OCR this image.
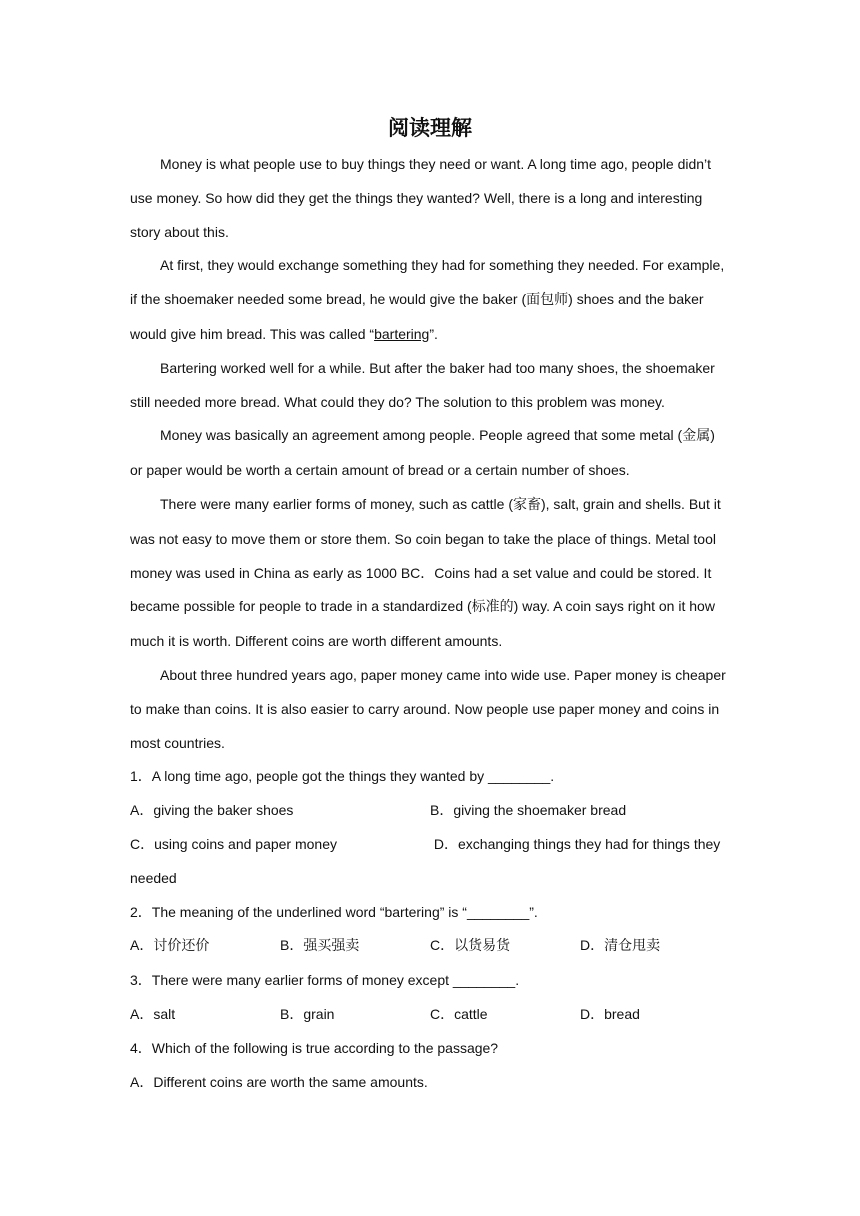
阅读理解

Money is what people use to buy things they need or want. A long time ago, people didn’t use money. So how did they get the things they wanted? Well, there is a long and interesting story about this.

At first, they would exchange something they had for something they needed. For example, if the shoemaker needed some bread, he would give the baker (面包师) shoes and the baker would give him bread. This was called “bartering”.

Bartering worked well for a while. But after the baker had too many shoes, the shoemaker still needed more bread. What could they do? The solution to this problem was money.

Money was basically an agreement among people. People agreed that some metal (金属) or paper would be worth a certain amount of bread or a certain number of shoes.

There were many earlier forms of money, such as cattle (家畜), salt, grain and shells. But it was not easy to move them or store them. So coin began to take the place of things. Metal tool money was used in China as early as 1000 BC．Coins had a set value and could be stored. It became possible for people to trade in a standardized (标准的) way. A coin says right on it how much it is worth. Different coins are worth different amounts.

About three hundred years ago, paper money came into wide use. Paper money is cheaper to make than coins. It is also easier to carry around. Now people use paper money and coins in most countries.

1．A long time ago, people got the things they wanted by ________.
A．giving the baker shoes	B．giving the shoemaker bread
C．using coins and paper money	D．exchanging things they had for things they needed
2．The meaning of the underlined word “bartering” is “________”.
A．讨价还价	B．强买强卖	C．以货易货	D．清仓甩卖
3．There were many earlier forms of money except ________.
A．salt	B．grain	C．cattle	D．bread
4．Which of the following is true according to the passage?
A．Different coins are worth the same amounts.
